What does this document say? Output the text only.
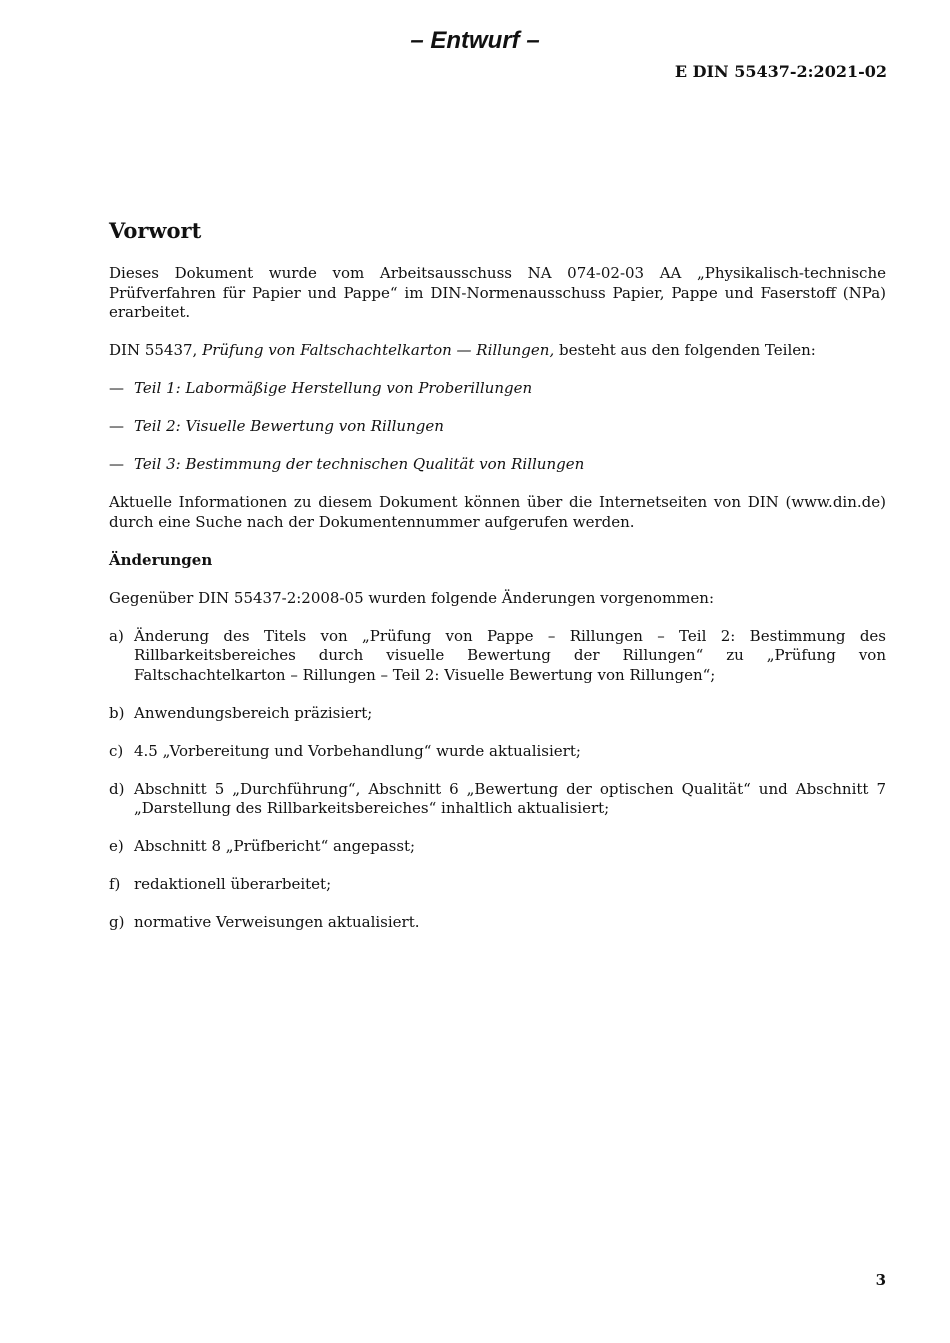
– Entwurf –
E DIN 55437-2:2021-02
Vorwort

Dieses Dokument wurde vom Arbeitsausschuss NA 074-02-03 AA „Physikalisch-technische Prüfverfahren für Papier und Pappe“ im DIN-Normenausschuss Papier, Pappe und Faserstoff (NPa) erarbeitet.

DIN 55437, Prüfung von Faltschachtelkarton — Rillungen, besteht aus den folgenden Teilen:

— Teil 1: Labormäßige Herstellung von Proberillungen
— Teil 2: Visuelle Bewertung von Rillungen
— Teil 3: Bestimmung der technischen Qualität von Rillungen

Aktuelle Informationen zu diesem Dokument können über die Internetseiten von DIN (www.din.de) durch eine Suche nach der Dokumentennummer aufgerufen werden.

Änderungen

Gegenüber DIN 55437-2:2008-05 wurden folgende Änderungen vorgenommen:

a) Änderung des Titels von „Prüfung von Pappe – Rillungen – Teil 2: Bestimmung des Rillbarkeitsbereiches durch visuelle Bewertung der Rillungen“ zu „Prüfung von Faltschachtelkarton – Rillungen – Teil 2: Visuelle Bewertung von Rillungen“;
b) Anwendungsbereich präzisiert;
c) 4.5 „Vorbereitung und Vorbehandlung“ wurde aktualisiert;
d) Abschnitt 5 „Durchführung“, Abschnitt 6 „Bewertung der optischen Qualität“ und Abschnitt 7 „Darstellung des Rillbarkeitsbereiches“ inhaltlich aktualisiert;
e) Abschnitt 8 „Prüfbericht“ angepasst;
f) redaktionell überarbeitet;
g) normative Verweisungen aktualisiert.
3
